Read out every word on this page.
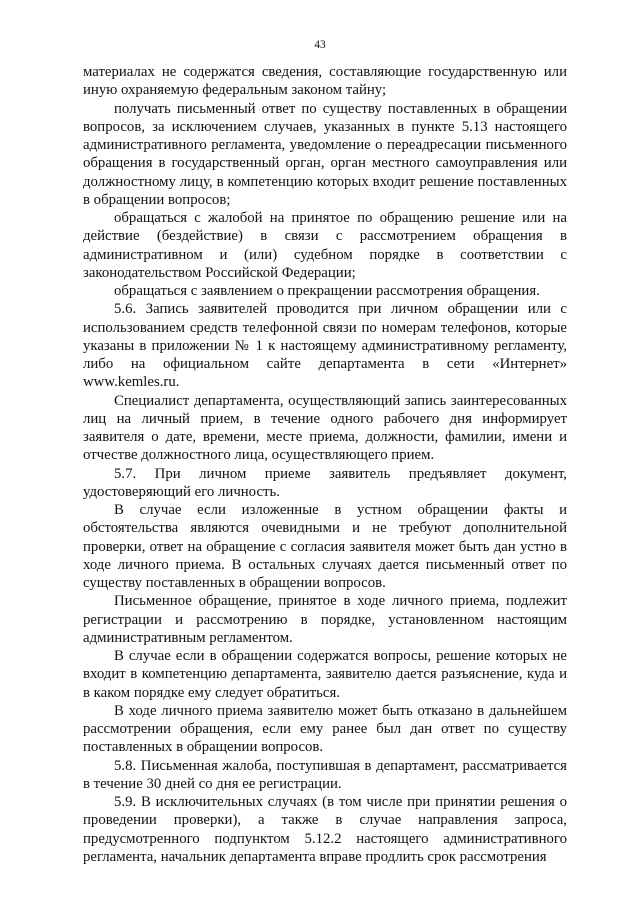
43

материалах не содержатся сведения, составляющие государственную или иную охраняемую федеральным законом тайну;

получать письменный ответ по существу поставленных в обращении вопросов, за исключением случаев, указанных в пункте 5.13 настоящего административного регламента, уведомление о переадресации письменного обращения в государственный орган, орган местного самоуправления или должностному лицу, в компетенцию которых входит решение поставленных в обращении вопросов;

обращаться с жалобой на принятое по обращению решение или на действие (бездействие) в связи с рассмотрением обращения в административном и (или) судебном порядке в соответствии с законодательством Российской Федерации;

обращаться с заявлением о прекращении рассмотрения обращения.

5.6. Запись заявителей проводится при личном обращении или с использованием средств телефонной связи по номерам телефонов, которые указаны в приложении № 1 к настоящему административному регламенту, либо на официальном сайте департамента в сети «Интернет» www.kemles.ru.

Специалист департамента, осуществляющий запись заинтересованных лиц на личный прием, в течение одного рабочего дня информирует заявителя о дате, времени, месте приема, должности, фамилии, имени и отчестве должностного лица, осуществляющего прием.

5.7. При личном приеме заявитель предъявляет документ, удостоверяющий его личность.

В случае если изложенные в устном обращении факты и обстоятельства являются очевидными и не требуют дополнительной проверки, ответ на обращение с согласия заявителя может быть дан устно в ходе личного приема. В остальных случаях дается письменный ответ по существу поставленных в обращении вопросов.

Письменное обращение, принятое в ходе личного приема, подлежит регистрации и рассмотрению в порядке, установленном настоящим административным регламентом.

В случае если в обращении содержатся вопросы, решение которых не входит в компетенцию департамента, заявителю дается разъяснение, куда и в каком порядке ему следует обратиться.

В ходе личного приема заявителю может быть отказано в дальнейшем рассмотрении обращения, если ему ранее был дан ответ по существу поставленных в обращении вопросов.

5.8. Письменная жалоба, поступившая в департамент, рассматривается в течение 30 дней со дня ее регистрации.

5.9. В исключительных случаях (в том числе при принятии решения о проведении проверки), а также в случае направления запроса, предусмотренного подпунктом 5.12.2 настоящего административного регламента, начальник департамента вправе продлить срок рассмотрения
